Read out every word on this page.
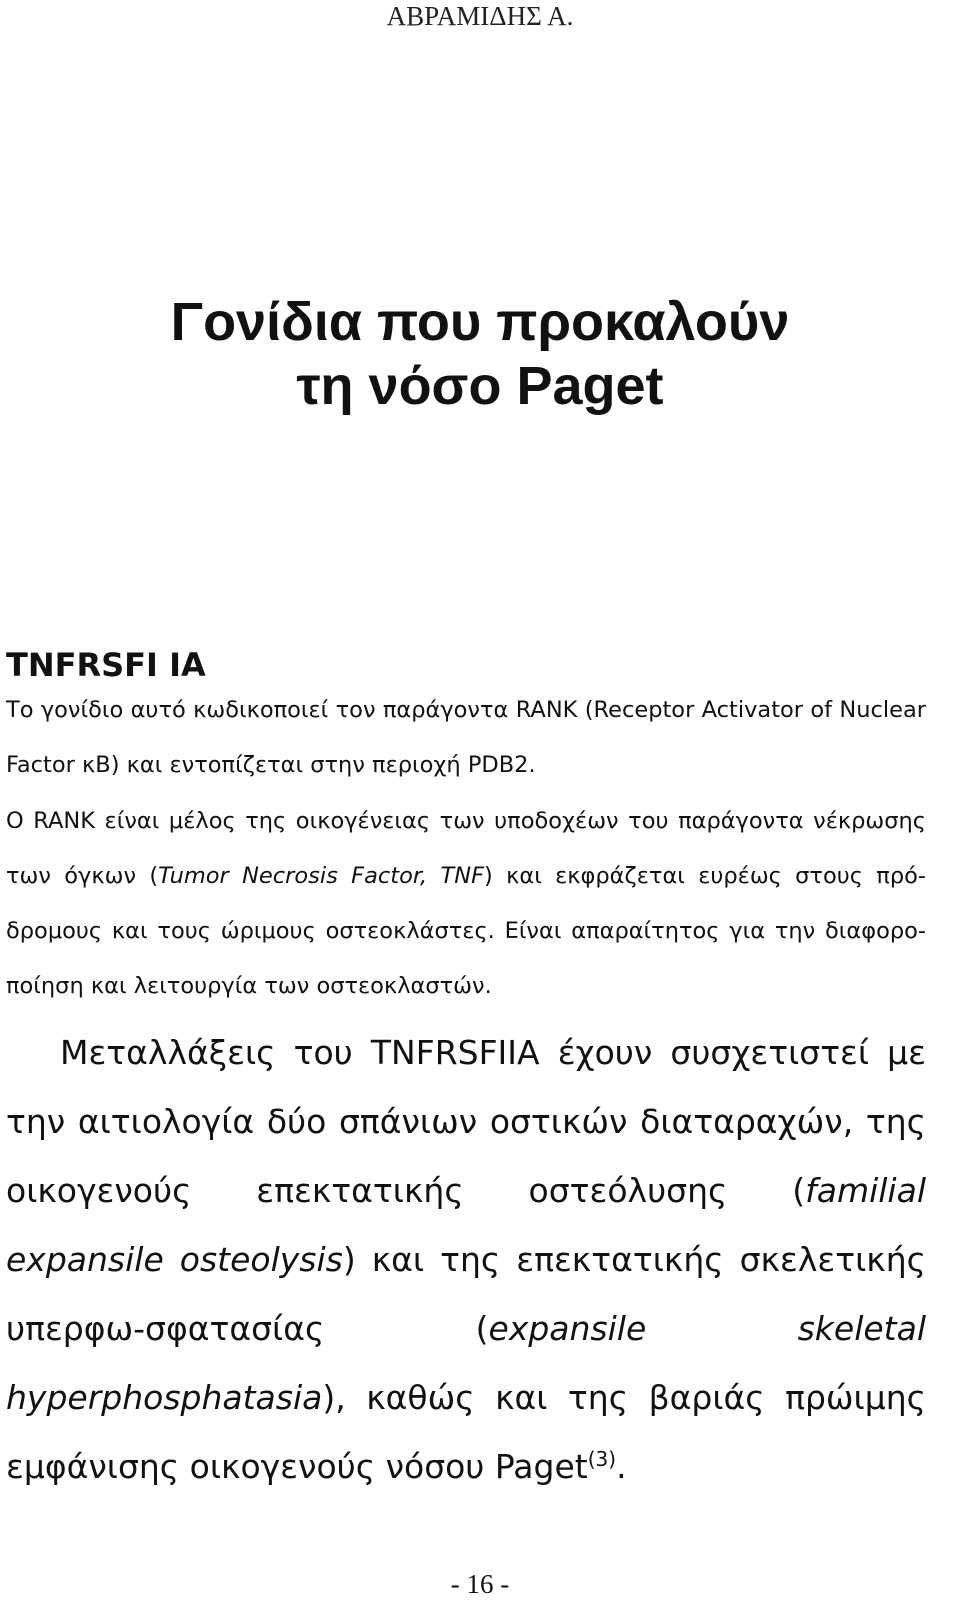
ΑΒΡΑΜΙΔΗΣ Α.
Γονίδια που προκαλούν
τη νόσο Paget
TNFRSFI IA

Το γονίδιο αυτό κωδικοποιεί τον παράγοντα RANK (Receptor Activator of Nuclear Factor κB) και εντοπίζεται στην περιοχή PDB2.

O RANK είναι μέλος της οικογένειας των υποδοχέων του παράγοντα νέκρωσης των όγκων (Tumor Necrosis Factor, TNF) και εκφράζεται ευρέως στους πρό-δρομους και τους ώριμους οστεοκλάστες. Είναι απαραίτητος για την διαφορο-ποίηση και λειτουργία των οστεοκλαστών.

Μεταλλάξεις του TNFRSFIIA έχουν συσχετιστεί με την αιτιολογία δύο σπάνιων οστικών διαταραχών, της οικογενούς επεκτατικής οστεόλυσης (familial expansile osteolysis) και της επεκτατικής σκελετικής υπερφω-σφατασίας (expansile skeletal hyperphosphatasia), καθώς και της βαριάς πρώιμης εμφάνισης οικογενούς νόσου Paget$^{(3)}$.

- 16 -
